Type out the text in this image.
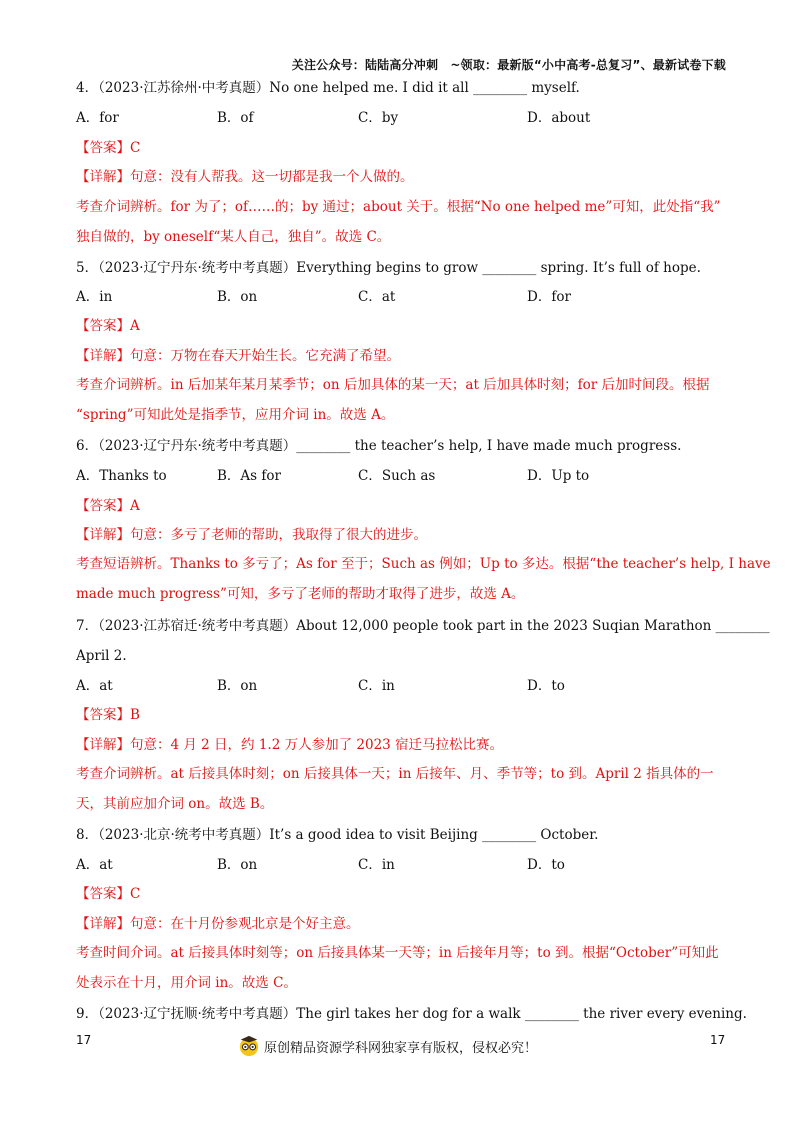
关注公众号：陆陆高分冲刺　~领取：最新版“小中高考-总复习”、最新试卷下载
4．（2023·江苏徐州·中考真题）No one helped me. I did it all ________ myself.
A．for	B．of	C．by	D．about
【答案】C
【详解】句意：没有人帮我。这一切都是我一个人做的。
考查介词辨析。for 为了；of……的；by 通过；about 关于。根据“No one helped me”可知，此处指“我”
独自做的，by oneself“某人自己，独自”。故选 C。
5．（2023·辽宁丹东·统考中考真题）Everything begins to grow ________ spring. It’s full of hope.
A．in	B．on	C．at	D．for
【答案】A
【详解】句意：万物在春天开始生长。它充满了希望。
考查介词辨析。in 后加某年某月某季节；on 后加具体的某一天；at 后加具体时刻；for 后加时间段。根据
“spring”可知此处是指季节，应用介词 in。故选 A。
6．（2023·辽宁丹东·统考中考真题）________ the teacher’s help, I have made much progress.
A．Thanks to	B．As for	C．Such as	D．Up to
【答案】A
【详解】句意：多亏了老师的帮助，我取得了很大的进步。
考查短语辨析。Thanks to 多亏了；As for 至于；Such as 例如；Up to 多达。根据“the teacher’s help, I have
made much progress”可知，多亏了老师的帮助才取得了进步，故选 A。
7．（2023·江苏宿迁·统考中考真题）About 12,000 people took part in the 2023 Suqian Marathon ________
April 2.
A．at	B．on	C．in	D．to
【答案】B
【详解】句意：4 月 2 日，约 1.2 万人参加了 2023 宿迁马拉松比赛。
考查介词辨析。at 后接具体时刻；on 后接具体一天；in 后接年、月、季节等；to 到。April 2 指具体的一
天，其前应加介词 on。故选 B。
8．（2023·北京·统考中考真题）It’s a good idea to visit Beijing ________ October.
A．at	B．on	C．in	D．to
【答案】C
【详解】句意：在十月份参观北京是个好主意。
考查时间介词。at 后接具体时刻等；on 后接具体某一天等；in 后接年月等；to 到。根据“October”可知此
处表示在十月，用介词 in。故选 C。
9．（2023·辽宁抚顺·统考中考真题）The girl takes her dog for a walk ________ the river every evening.
17	17
原创精品资源学科网独家享有版权，侵权必究！
